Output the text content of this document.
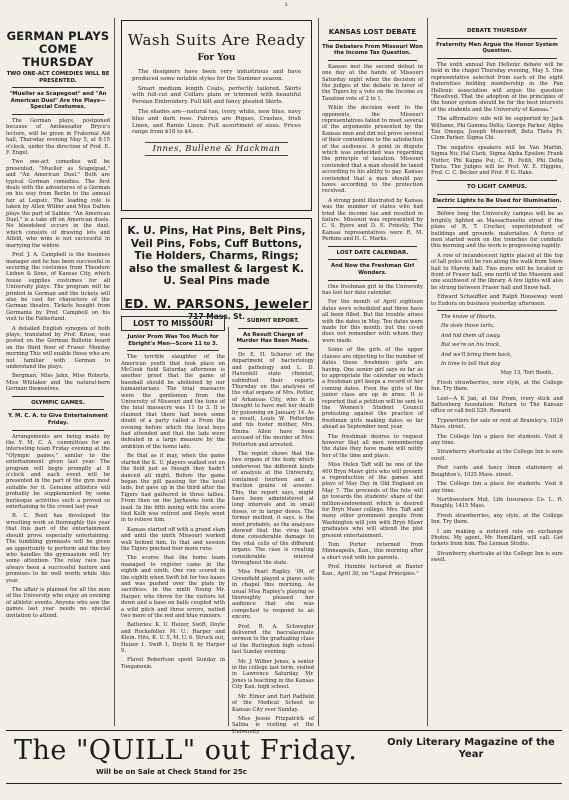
3
GERMAN PLAYS COME THURSDAY
TWO ONE-ACT COMEDIES WILL BE PRESENTED.
"Mueller as Scapegoat" and "An American Duel" Are the Plays—Special Costumes.

The German plays, postponed because of Ambassador Bryce's lecture, will be given in Fraternal Aid hall, Thursday evening May 5, at 8:15 o'clock, under the direction of Prof. E. F. Engel.

Two one-act comedies will be presented, "Mueller as Scapegoat," and "An American Duel." Both are typical German comedies. The first deals with the adventures of a German on his way from Berlin to the annual fair at Leipsic. The leading role is taken by Allen Wilber and Miss Dalton plays the part of Sabine. "An American Duel," is a take off on American duels. No bloodshed occurs in the duel, which consists of drawing lots and Alfeld, who wins is not successful in marrying the widow.

Prof. J. A. Campbell is the business manager and he has been successful in securing the costumes from Theodore Lieben & Sons, of Kansas City, which house supplies costumes for all University plays. The program will be printed in German and the tickets will also be cast for characters of the German theatre. Tickets bought from Germania by Prof. Campbell on his visit to the Fatherland.

A detailed English synopsis of both plays, translated by Prof. Kruse, was posted on the German Bulletin board on the third floor of Fraser. Monday morning This will enable those who are not familiar with German to understand the plays.

Bergman, Miss Jahn, Miss Roberts, Miss Whitaker and the natural-born German themselves.

OLYMPIC GAMES.
Y. M. C. A. to Give Entertainment Friday.

Arrangements are being made by the Y. M. C. A. committees for an interesting team Friday evening at the "Olympic games," similar to the entertainment given last year. The program will begin promptly at 8 o'clock and each event will be presented in the part of the gym most suitable for it. Genuine athletics will probably be supplemented by some burlesque activities such a proved so entertaining to the crowd last year.

B. C. Root has developed the wrestling work so thoroughly this year that this part of the entertainment should prove especially entertaining. The tumbling gymnasts will be given an opportunity to perform and the boy who handles the gymnasium will try some attention. The relay race has always been a successful feature and promises to be well worth while this year.

The affair is planned for all the men of the University who enjoy an evening of athletic events. Anyone who saw the games last year needs no special invitation to attend.

Wash Suits Are Ready
For You

The designers have been very industrious and have produced some notable styles for the Summer season.

Smart medium length Coats, perfectly tailored. Skirts with full-cut and Collars plain or trimmed with beautiful Persian Embroidery. Full kilt and fancy pleated Skirts.

The shades are—natural tan, ivory, white, new blue, navy blue and dark rose. Fabrics are Piques, Crashes, Irish Linen, and Ramie Linen. Full assortment of sizes. Prices range from $18 to $4.

Innes, Bullene & Hackman
K. U. Pins, Hat Pins, Belt Pins, Veil Pins, Fobs, Cuff Buttons, Tie Holders, Charms, Rings; also the smallest & largest K. U. Seal Pins made
ED. W. PARSONS, Jeweler
717 Mass. St.
LOST TO MISSOURI
Junior Prom Was Too Much for Ebright's Men—Score 11 to 3.

The terrible slaughter of the American youth that took place on McCook field Saturday afternoon is another proof that the game of baseball should be abolished by our humanitarians. The total massacre were the gentlemen from the University of Missouri and the tune of the fatal massacre was 11 to 3. It is claimed that there had been some doubt of a party called a Prom the evening before which the local boys had attended and that the lads were defeated in a large measure by the ambition of the home lads.

Be that as it may, when the game started the K. U. players walked out on the field just as though they hadn't danced all night. Before the game began the pill passing for the local lads, but gave up in the third after the Tigers had gathered in three tallies. From then on the Jayhawks took the lead. In the fifth inning with the score tied Kolb was retired and Doyle went in to relieve him.

Kansas started off with a grand slam and until the ninth Missouri worked well behind him. In that and session the Tigers pinched four more runs.

The scores that the home team managed to register came in the eighth and ninth. One run scored in the eighth when Swift hit for two bases and was pushed over the plate by sacrifices. In the ninth Young Mr. Harper, who threw for the visitors let down and a base on balls coupled with a wild pitch and three errors, netted two more of the red and blue runners.

Batteries: K. U. Heizer, Swift, Doyle and Rockefeller. M. U.: Harper and Klein. Hits, K. U. 5, M. U. 6. Struck out, Heizer 1, Swift 1, Doyle 8, by Harper 9.

Flavel Robertson spent Sunday in Tonganoxie.

SUBMIT REPORT.
As Result Charge of Murder Has Been Made.

Dr. E. H. Scherer of the department of bacteriology and pathology and L. D. Havenhill state chemist, submitted their reports Thursday on the analyses of the vital organs of Mrs. Potter, of Arkansas City, who it is thought to have met her death by poisoning on January 14. As a result, Louis W. Potterton and his foster mother, Mrs. Emma Allen have been accused of the murder of Mrs. Potterton and arrested.

The report shows that the two organs of the body which underwent the different kinds of analysis at the University, contained fourteen and a fraction grains of arsenic. This, the report says, might have been administered at long intervals and in small doses, or in larger doses. The former method, it says, is the most probable, as the analyses showed that the virus had done considerable damage to the vital cells of the different organs. The case is creating considerable interest throughout the state.

Miss Pearl Rapley, '09, of Greenfield played a piano solo in chapel this morning. As usual Miss Rapley's playing so thoroughly pleased her audience that she was compelled to respond to an encore.

Prof. R. A. Schwegler delivered the baccalaureate sermon to the graduating class of the Burlington high school last Sunday evening.

Mr. J. Wilber Jones, a senior in the college last term, visited in Lawrence Saturday. Mr. Jones is teaching in the Kansas City Kan. high school.

Mr. Elmer and Earl Padfield of the Medical School in Kansas City over Sunday.

Miss Jessie Fitzpatrick of Salina is visiting at the University.

KANSAS LOST DEBATE
The Debaters From Missouri Won the Income Tax Question.

Kansas met the second defeat in one day at the hands of Missouri Saturday night when the decision of the judges of the debate in favor of the Tigers by a vote on the Income ex Taxation vote of 2 to 1.

While the decision went to the opponents, the Missouri representatives failed to meet several of the arguments presented by the Kansas men and did not prove several of their contentions to the satisfaction of the audience. A point in dispute which was undecided was regarding the principle of taxation. Missouri contended that a man should be taxed according to his ability to pay. Kansas contended that a man should pay taxes according to the protection received.

A strong point illustrated by Kansas was the number of states who had tried the income tax and resulted in failure. Missouri was represented by C. S. Byers and D. E. Priestly. The Kansas representatives were R. M. Perkins and H. C. Marks.

LOST DATE CALENDAR.
And Now the Freshman Girl Wonders.

One freshman girl in the University has lost her date calendar.

For the month of April eighteen dates were scheduled and three have all been filled. But the trouble arises with the dates in May. Ten dates were made for this month, but the co-ed does not remember with whom they were made.

Some of the girls of the upper classes are objecting to the number of dates these freshmen girls are having. One senior girl says so far as to appropriate the calendar on which a freshman girl keeps a record of her coming dates. Even the girls of the junior class are up in arms. It is reported that a petition will be sent to the Women's Student Council protesting against the practice of freshman girls making dates so far ahead as September next year.

The freshman desires to request however that all men remembering the dates they have made will notify her of the time and place.

Miss Helen Taft will be one of the 400 Bryn Mawr girls who will present a reproduction of the games and plays of May Day in Old England on May 7. The proceeds of the fete will go towards the students' share of the million-endowment which is desired for Bryn Mawr college. Mrs. Taft and many other prominent people from Washington will join with Bryn Mawr graduates who will attend the plot present entertainment.

Tom Porter returned from Minneapolis, Kan., this morning after a short visit with his parents.

Prof. Humble lectured at Baxter Kan., April 30, on "Legal Principles."

DEBATE THURSDAY
Fraternity Men Argue the Honor System Question.

The sixth annual Pan Hellenic debate will be held in the chapel Thursday evening, May 5. One representative selected from each of the eight fraternities holding membership in the Pan Hellenic association will argue the question "Resolved, That the adoption of the principles of the honor system should be for the best interests of the students and the University of Kansas."

The affirmative side will be supported by Jack Williams, Phi Gamma Delta; George Parker, Alpha Tau Omega; Joseph Moncrieff, Beta Theta Pi; Clem Parker, Sigma Chi.

The negative speakers will be Van Martin, Sigma Nu; Hal Clark, Sigma Alpha Epsilon; Frank Nutter, Phi Kappa Psi; C. H. Feith, Phi Delta Theta. The Judges will be Prof. W. E. Higgins, Prof. C. C. Becker and Prof. P. G. Hake.

TO LIGHT CAMPUS.
Electric Lights to Be Used for Illumination.

Before long the University campus will be as brightly lighted as Massachusetts street if the plans of R. T. Crocker, superintendent of buildings and grounds, materialize. A force of men started work on the trenches for conduits this morning and the work is progressing rapidly.

A row of incandescent lights placed at the top of tall poles will be run along the walk from Snow hall to Marvin hall. Two more will be located in front of Fraser hall, one north of the Museum and one southwest of the library. A few lights will also be strung between Fraser hall and Snow hall.

Edward Schauffler and Ralph Houseway went to Eudora on business yesterday afternoon.

The knave of Hearts,
He stole those tarts,
And hid them all away.
But we're on his track,
And we'll bring them back,
In time to tell that day.
May 13, Tort Booth.

Fresh strawberries, new style, at the College Inn. Try them.

Lost—A K Jan, at the Prom, ivory stick and Battenberg foundation. Return to The Kansan office or call bell 529. Reward.

Typewriters for sale or rent at Bramley's, 1026 Mass. street.

The College Inn a place for students. Visit it any time.

Strawberry shortcake at the College Inn is sure swell.

Post cards and fancy linen stationery at Boughton's, 1025 Mass. street.

The College Inn a place for students. Visit it any time.

Northwestern Mut. Life Insurance Co. L. R. Roughly, 1415 Mass.

Fresh strawberries, any style, at the College Inn. Try them.

I am making a reduced rate on exchange Photos. My agent, Mr. Remillard, will call. Get tickets from him. The Lennan Studio.

Strawberry shortcake at the College Inn is sure swell.

The "QUILL" out Friday.	Only Literary Magazine of the Year
Will be on Sale at Check Stand for 25c
